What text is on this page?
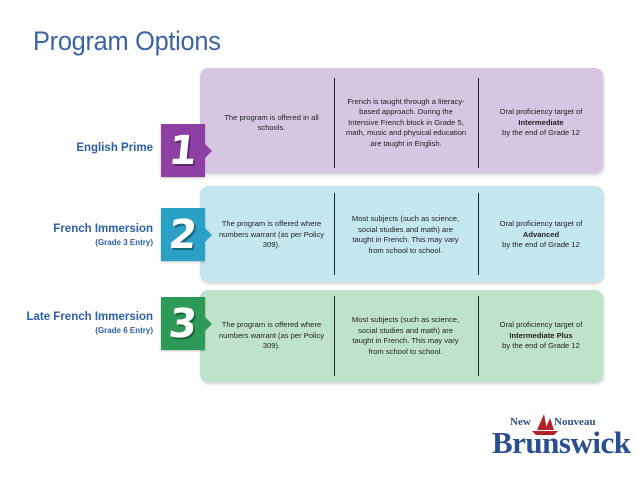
Program Options
English Prime 1
The program is offered in all schools.
French is taught through a literacy-based approach. During the Intensive French block in Grade 5, math, music and physical education are taught in English.
Oral proficiency target of
Intermediate
by the end of Grade 12
French Immersion
(Grade 3 Entry) 2	The program is offered where numbers warrant (as per Policy 309).
Most subjects (such as science, social studies and math) are taught in French. This may vary from school to school.
Oral proficiency target of
Advanced
by the end of Grade 12
Late French Immersion
(Grade 6 Entry) 3	The program is offered where numbers warrant (as per Policy 309).
Most subjects (such as science, social studies and math) are taught in French. This may vary from school to school.
Oral proficiency target of
Intermediate Plus
by the end of Grade 12
New Nouveau
Brunswick
